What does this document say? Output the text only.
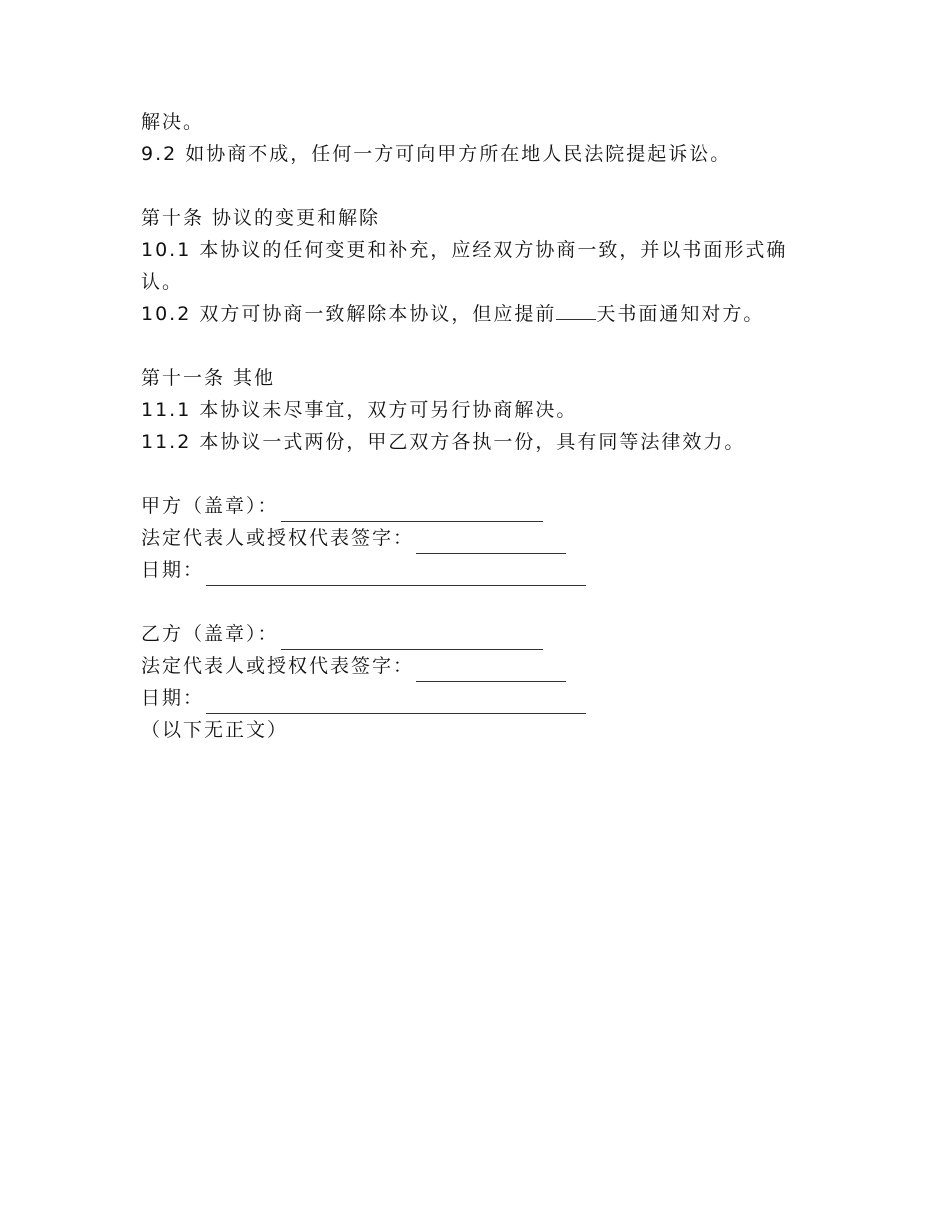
解决。
9.2 如协商不成，任何一方可向甲方所在地人民法院提起诉讼。
第十条 协议的变更和解除
10.1 本协议的任何变更和补充，应经双方协商一致，并以书面形式确
认。
10.2 双方可协商一致解除本协议，但应提前 天书面通知对方。
第十一条 其他
11.1 本协议未尽事宜，双方可另行协商解决。
11.2 本协议一式两份，甲乙双方各执一份，具有同等法律效力。
甲方（盖章）：
法定代表人或授权代表签字：
日期：
乙方（盖章）：
法定代表人或授权代表签字：
日期：
（以下无正文）
